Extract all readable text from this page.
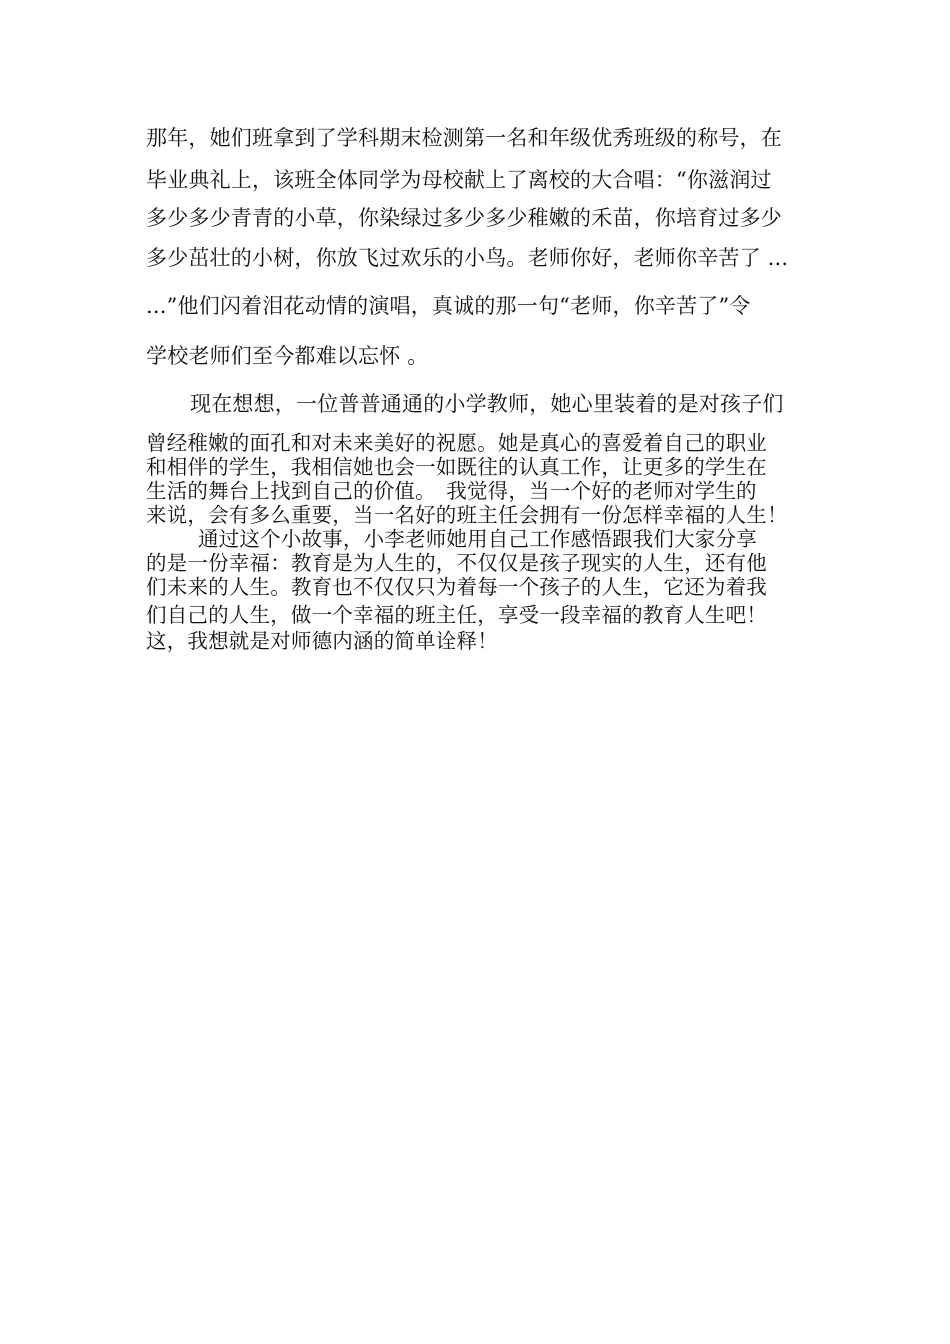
那年，她们班拿到了学科期末检测第一名和年级优秀班级的称号，在

毕业典礼上，该班全体同学为母校献上了离校的大合唱：“你滋润过

多少多少青青的小草，你染绿过多少多少稚嫩的禾苗，你培育过多少

多少茁壮的小树，你放飞过欢乐的小鸟。老师你好，老师你辛苦了 ...

...”他们闪着泪花动情的演唱，真诚的那一句“老师，你辛苦了”令

学校老师们至今都难以忘怀 。

现在想想，一位普普通通的小学教师，她心里装着的是对孩子们

曾经稚嫩的面孔和对未来美好的祝愿。她是真心的喜爱着自己的职业

和相伴的学生，我相信她也会一如既往的认真工作，让更多的学生在

生活的舞台上找到自己的价值。　我觉得，当一个好的老师对学生的

来说，会有多么重要，当一名好的班主任会拥有一份怎样幸福的人生！

通过这个小故事，小李老师她用自己工作感悟跟我们大家分享

的是一份幸福：教育是为人生的，不仅仅是孩子现实的人生，还有他

们未来的人生。教育也不仅仅只为着每一个孩子的人生，它还为着我

们自己的人生，做一个幸福的班主任，享受一段幸福的教育人生吧！

这，我想就是对师德内涵的简单诠释！
